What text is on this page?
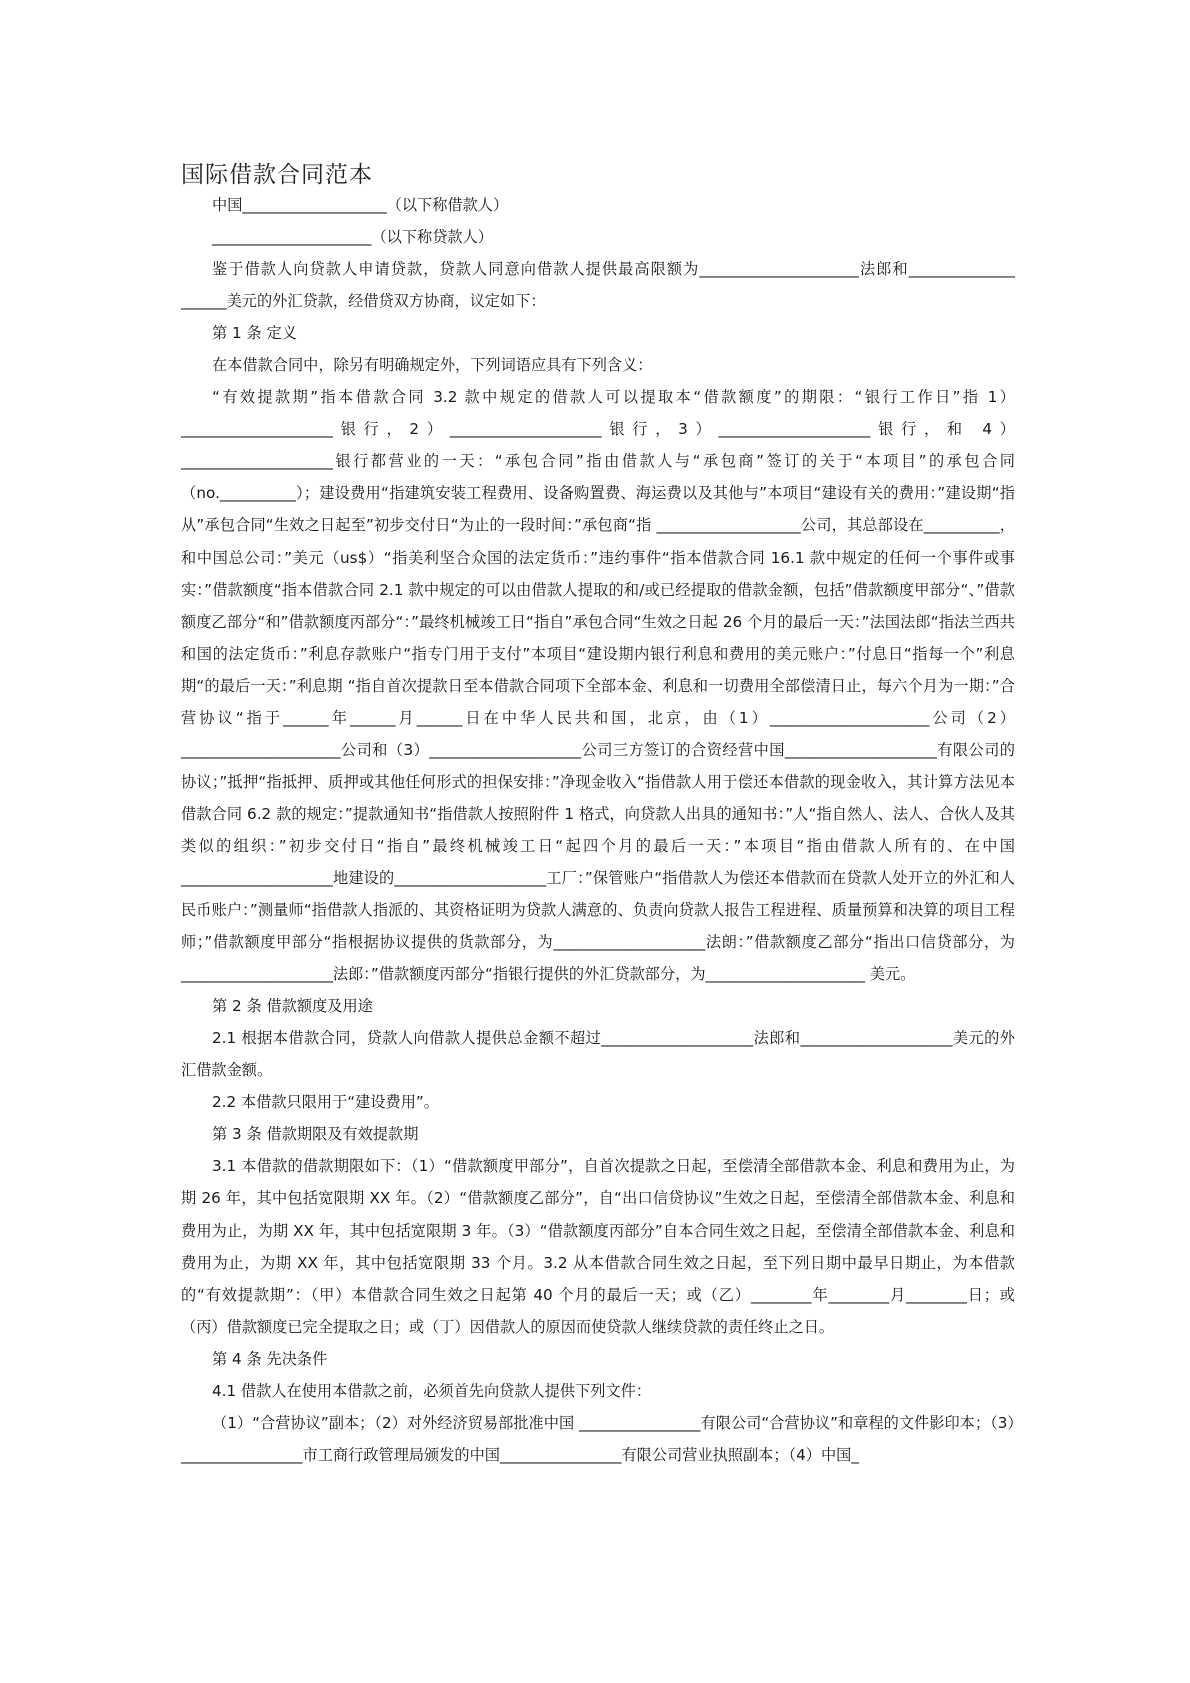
国际借款合同范本

中国___________________（以下称借款人）

_____________________（以下称贷款人）

鉴于借款人向贷款人申请贷款，贷款人同意向借款人提供最高限额为_____________________法郎和______________

______美元的外汇贷款，经借贷双方协商，议定如下：

第 1 条 定义

在本借款合同中，除另有明确规定外，下列词语应具有下列含义：

“有效提款期”指本借款合同 3.2 款中规定的借款人可以提取本“借款额度”的期限：“银行工作日”指 1）____________________银行，2）____________________银行，3）____________________银行，和 4）____________________银行都营业的一天：“承包合同”指由借款人与“承包商”签订的关于“本项目”的承包合同（no.__________）；建设费用“指建筑安装工程费用、设备购置费、海运费以及其他与”本项目“建设有关的费用：”建设期“指从”承包合同“生效之日起至”初步交付日“为止的一段时间：”承包商“指 ___________________公司，其总部设在__________，和中国总公司：”美元（us$）“指美利坚合众国的法定货币：”违约事件“指本借款合同 16.1 款中规定的任何一个事件或事实：”借款额度“指本借款合同 2.1 款中规定的可以由借款人提取的和/或已经提取的借款金额，包括”借款额度甲部分“、”借款额度乙部分“和”借款额度丙部分“：”最终机械竣工日“指自”承包合同“生效之日起 26 个月的最后一天：”法国法郎“指法兰西共和国的法定货币：”利息存款账户“指专门用于支付”本项目“建设期内银行利息和费用的美元账户：”付息日“指每一个”利息期“的最后一天：”利息期 “指自首次提款日至本借款合同项下全部本金、利息和一切费用全部偿清日止，每六个月为一期：”合营协议“指于______年______月______日在中华人民共和国，北京，由（1）_____________________公司（2）_____________________公司和（3）____________________公司三方签订的合资经营中国____________________有限公司的协议；”抵押“指抵押、质押或其他任何形式的担保安排：”净现金收入“指借款人用于偿还本借款的现金收入，其计算方法见本借款合同 6.2 款的规定：”提款通知书“指借款人按照附件 1 格式，向贷款人出具的通知书：”人“指自然人、法人、合伙人及其类似的组织：”初步交付日“指自”最终机械竣工日“起四个月的最后一天：”本项目“指由借款人所有的、在中国 ____________________地建设的____________________工厂：”保管账户“指借款人为偿还本借款而在贷款人处开立的外汇和人民币账户：”测量师“指借款人指派的、其资格证明为贷款人满意的、负责向贷款人报告工程进程、质量预算和决算的项目工程师；”借款额度甲部分“指根据协议提供的货款部分，为____________________法朗：”借款额度乙部分“指出口信贷部分，为 ____________________法郎：”借款额度丙部分“指银行提供的外汇贷款部分，为_____________________ 美元。

第 2 条 借款额度及用途

2.1 根据本借款合同，贷款人向借款人提供总金额不超过____________________法郎和____________________美元的外汇借款金额。

2.2 本借款只限用于“建设费用”。

第 3 条 借款期限及有效提款期

3.1 本借款的借款期限如下：（1）“借款额度甲部分”，自首次提款之日起，至偿清全部借款本金、利息和费用为止，为期 26 年，其中包括宽限期 XX 年。（2）“借款额度乙部分”，自“出口信贷协议”生效之日起，至偿清全部借款本金、利息和费用为止，为期 XX 年，其中包括宽限期 3 年。（3）“借款额度丙部分”自本合同生效之日起，至偿清全部借款本金、利息和费用为止，为期 XX 年，其中包括宽限期 33 个月。3.2 从本借款合同生效之日起，至下列日期中最早日期止，为本借款的“有效提款期”：（甲）本借款合同生效之日起第 40 个月的最后一天；或（乙）________年________月________日；或（丙）借款额度已完全提取之日；或（丁）因借款人的原因而使贷款人继续贷款的责任终止之日。

第 4 条 先决条件

4.1 借款人在使用本借款之前，必须首先向贷款人提供下列文件：

（1）“合营协议”副本；（2）对外经济贸易部批准中国 ________________有限公司“合营协议”和章程的文件影印本；（3）________________市工商行政管理局颁发的中国________________有限公司营业执照副本；（4）中国_
